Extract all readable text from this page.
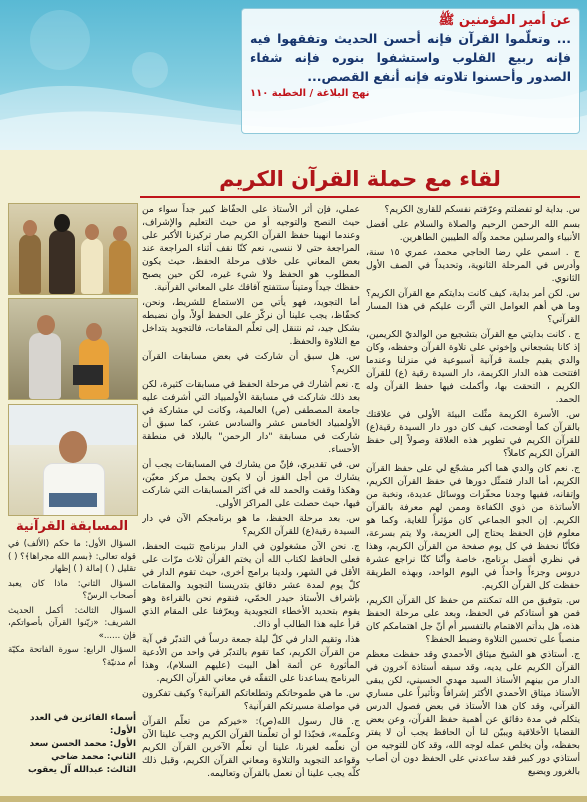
عن أمير المؤمنين ﷺ
... وتعلّموا القرآن فإنه أحسن الحديث وتفقهوا فيه فإنه ربيع القلوب واستشفوا بنوره فإنه شفاء الصدور وأحسنوا تلاوته فإنه أنفع القصص...
نهج البلاغة / الخطبة ١١٠
لقاء مع حملة القرآن الكريم

س. بداية لو تفضلتم وعرّفتم نفسكم للقارئ الكريم؟

بسم الله الرحمن الرحيم والصلاة والسلام على أفضل الأنبياء والمرسلين محمد وآله الطيبين الطاهرين.

ج . اسمي علي رضا الحاجي محمد، عمري ١٥ سنة، وأدرس في المرحلة الثانوية، وتحديداً في الصف الأول الثانوي.

س. لكن أمر بداية، كيف كانت بدايتكم مع القرآن الكريم؟ وما هي أهم العوامل التي أثّرت عليكم في هذا المسار القرآني؟

ج . كانت بدايتي مع القرآن بتشجيع من الوالديّ الكريمين، إذ كانا يشجعاني وإخوتي على تلاوة القرآن وحفظه، وكان والدي يقيم جلسة قرآنية أسبوعية في منزلنا وعندما افتتحت هذه الدار الكريمة، دار السيدة رقية (ع) للقرآن الكريم ، التحقت بها، وأكملت فيها حفظ القرآن وله الحمد.

س. الأسرة الكريمة مثّلت البيئة الأولى في علاقتك بالقرآن كما أوضحت، كيف كان دور دار السيدة رقية(ع) للقرآن الكريم في تطوير هذه العلاقة وصولاً إلى حفظ القرآن الكريم كاملاً؟

ج. نعم كان والدي هما أكبر مشجّع لي على حفظ القرآن الكريم، أما الدار فتمثّل دورها في حفظ القرآن الكريم، وإتقانه، ففيها وجدنا محفّزات ووسائل عديدة، ونخبة من الأساتذة من ذوي الكفاءة وممن لهم معرفة بالقرآن الكريم. إن الجو الجماعي كان مؤثراً للغاية، وكما هو معلوم فإن الحفظ يحتاج إلى العزيمة، ولا يتم بسرعة، فكأنّا نحفظ في كل يوم صفحة من القرآن الكريم، وهذا في نظري أفضل برنامج، خاصة وأنّنا كنّا نراجع عشرة دروس وجزءاً واحداً في اليوم الواحد، وبهذه الطريقة حفظت كل القرآن الكريم.

س. بتوفيق من الله تمكنتم من حفظ كل القرآن الكريم، فمن هو أستاذكم في الحفظ، وبعد على مرحلة الحفظ هذه، هل بدأتم الاهتمام بالتفسير أم أنّ جل اهتمامكم كان منصباً على تحسين التلاوة وضبط الحفظ؟

ج. أستاذي هو الشيخ ميثاق الأحمدي وقد حفظت معظم القرآن الكريم على يديه، وقد سبقه أستاذة آخرون في الدار من بينهم الأستاذ السيد مهدي الحسيني، لكن يبقى الأستاذ ميثاق الأحمدي الأكثر إشرافاً وتأثيراً على مساري القرآني، وقد كان هذا الأستاذ في بعض فصول الدرس يتكلم في مدة دقائق عن أهمية حفظ القرآن، وعن بعض القضايا الأخلاقية ويبيّن لنا أن الحافظ يجب أن لا يفتر بحفظه، وأن يخلص عمله لوجه الله، وقد كان للتوجيه من أستاذي دور كبير فقد ساعدني على الحفظ دون أن أصاب بالغرور ويضيع

عملي، فإن أثر الأستاذ على الحفّاظ كبير جداً سواء من حيث النصح والتوجيه أو من حيث التعليم والإشراف، وعندما انهينا حفظ القرآن الكريم صار تركيزنا الأكبر على المراجعة حتى لا ننسى، نعم كنّا نقف أثناء المراجعة عند بعض المعاني على خلاف مرحلة الحفظ، حيث يكون المطلوب هو الحفظ ولا شيء غيره، لكن حين يصبح حفظك جيداً ومتيناً ستتفتح آفاقك على المعاني القرآنية.

أما التجويد، فهو يأتي من الاستماع للشريط، ونحن، كحفّاظ، يجب علينا أن نركّز على الحفظ أولاً، وأن نضبطه بشكل جيد، ثم نتنقل إلى تعلّم المقامات، فالتجويد يتداخل مع التلاوة والحفظ.

س. هل سبق أن شاركت في بعض مسابقات القرآن الكريم؟

ج. نعم أشارك في مرحلة الحفظ في مسابقات كثيرة، لكن بعد ذلك شاركت في مسابقة الأولمبياد التي أشرفت عليه جامعة المصطفى (ص) العالمية، وكانت لي مشاركة في الأولمبياد الخامس عشر والسادس عشر، كما سبق أن شاركت في مسابقة "دار الرحمن" بالبلاد في منطقة الأحساء.

س. في تقديري، فإنّ من يشارك في المسابقات يجب أن يشارك من أجل الفوز أن لا يكون يحمل مركز معيّن، وهكذا وقفت والحمد لله في أكثر المسابقات التي شاركت فيها، حيث حصلت على المراكز الأولى.

س. بعد مرحلة الحفظ، ما هو برنامجكم الآن في دار السيدة رقية(ع) للقرآن الكريم؟

ج. نحن الآن مشغولون في الدار ببرنامج تثبيت الحفظ، فعلى الحافظ لكتاب الله أن يختم القرآن ثلاث مرّات على الأقل في الشهر، ولدينا برامج أخرى، حيث تقوم الدار في كلّ يوم لمدة عشر دقائق بتدريسنا التجويد والمقامات بإشراف الأستاذ حيدر الحمّي، فنقوم نحن بالقراءة وهو يقوم بتحديد الأخطاء التجويدية ويعرّفنا على المقام الذي قرأ عليه هذا الطالب أو ذاك.

هذا، وتقيم الدار في كلّ ليلة جمعة درساً في التدبّر في آية من القرآن الكريم، كما تقوم بالتدبّر في واحد من الأدعية المأثورة عن أئمة أهل البيت (عليهم السلام)، وهذا البرنامج يساعدنا على التفقّه في معاني القرآن الكريم.

س. ما هي طموحاتكم وتطلعاتكم القرآنية؟ وكيف تفكرون في مواصلة مسيرتكم القرآنية؟

ج. قال رسول الله(ص): «خيركم من تعلّم القرآن وعلّمه»، فحبّذا لو أن تعلّمنا القرآن الكريم وجب علينا الآن أن نعلّمه لغيرنا، علينا أن نعلّم الآخرين القرآن الكريم وقواعد التجويد والتلاوة ومعاني القرآن الكريم، وقبل ذلك كلّه يجب علينا أن نعمل بالقرآن وتعاليمه.

المسابقة القرآنية

السؤال الأول: ما حكم (الألف) في قوله تعالى: ﴿بسم الله مجراها﴾؟ ( ) تقليل ( ) إمالة ( ) إظهار

السؤال الثاني: ماذا كان يعبد أصحاب الرسّ؟

السؤال الثالث: أكمل الحديث الشريف: «زيّنوا القرآن بأصواتكم، فإن ......»

السؤال الرابع: سورة الفاتحة مكيّة أم مدنيّة؟

أسماء الفائزين في العدد الأول:

الأول: محمد الحسن سعد

الثاني: محمد ضاحي

الثالث: عبدالله آل يعقوب
